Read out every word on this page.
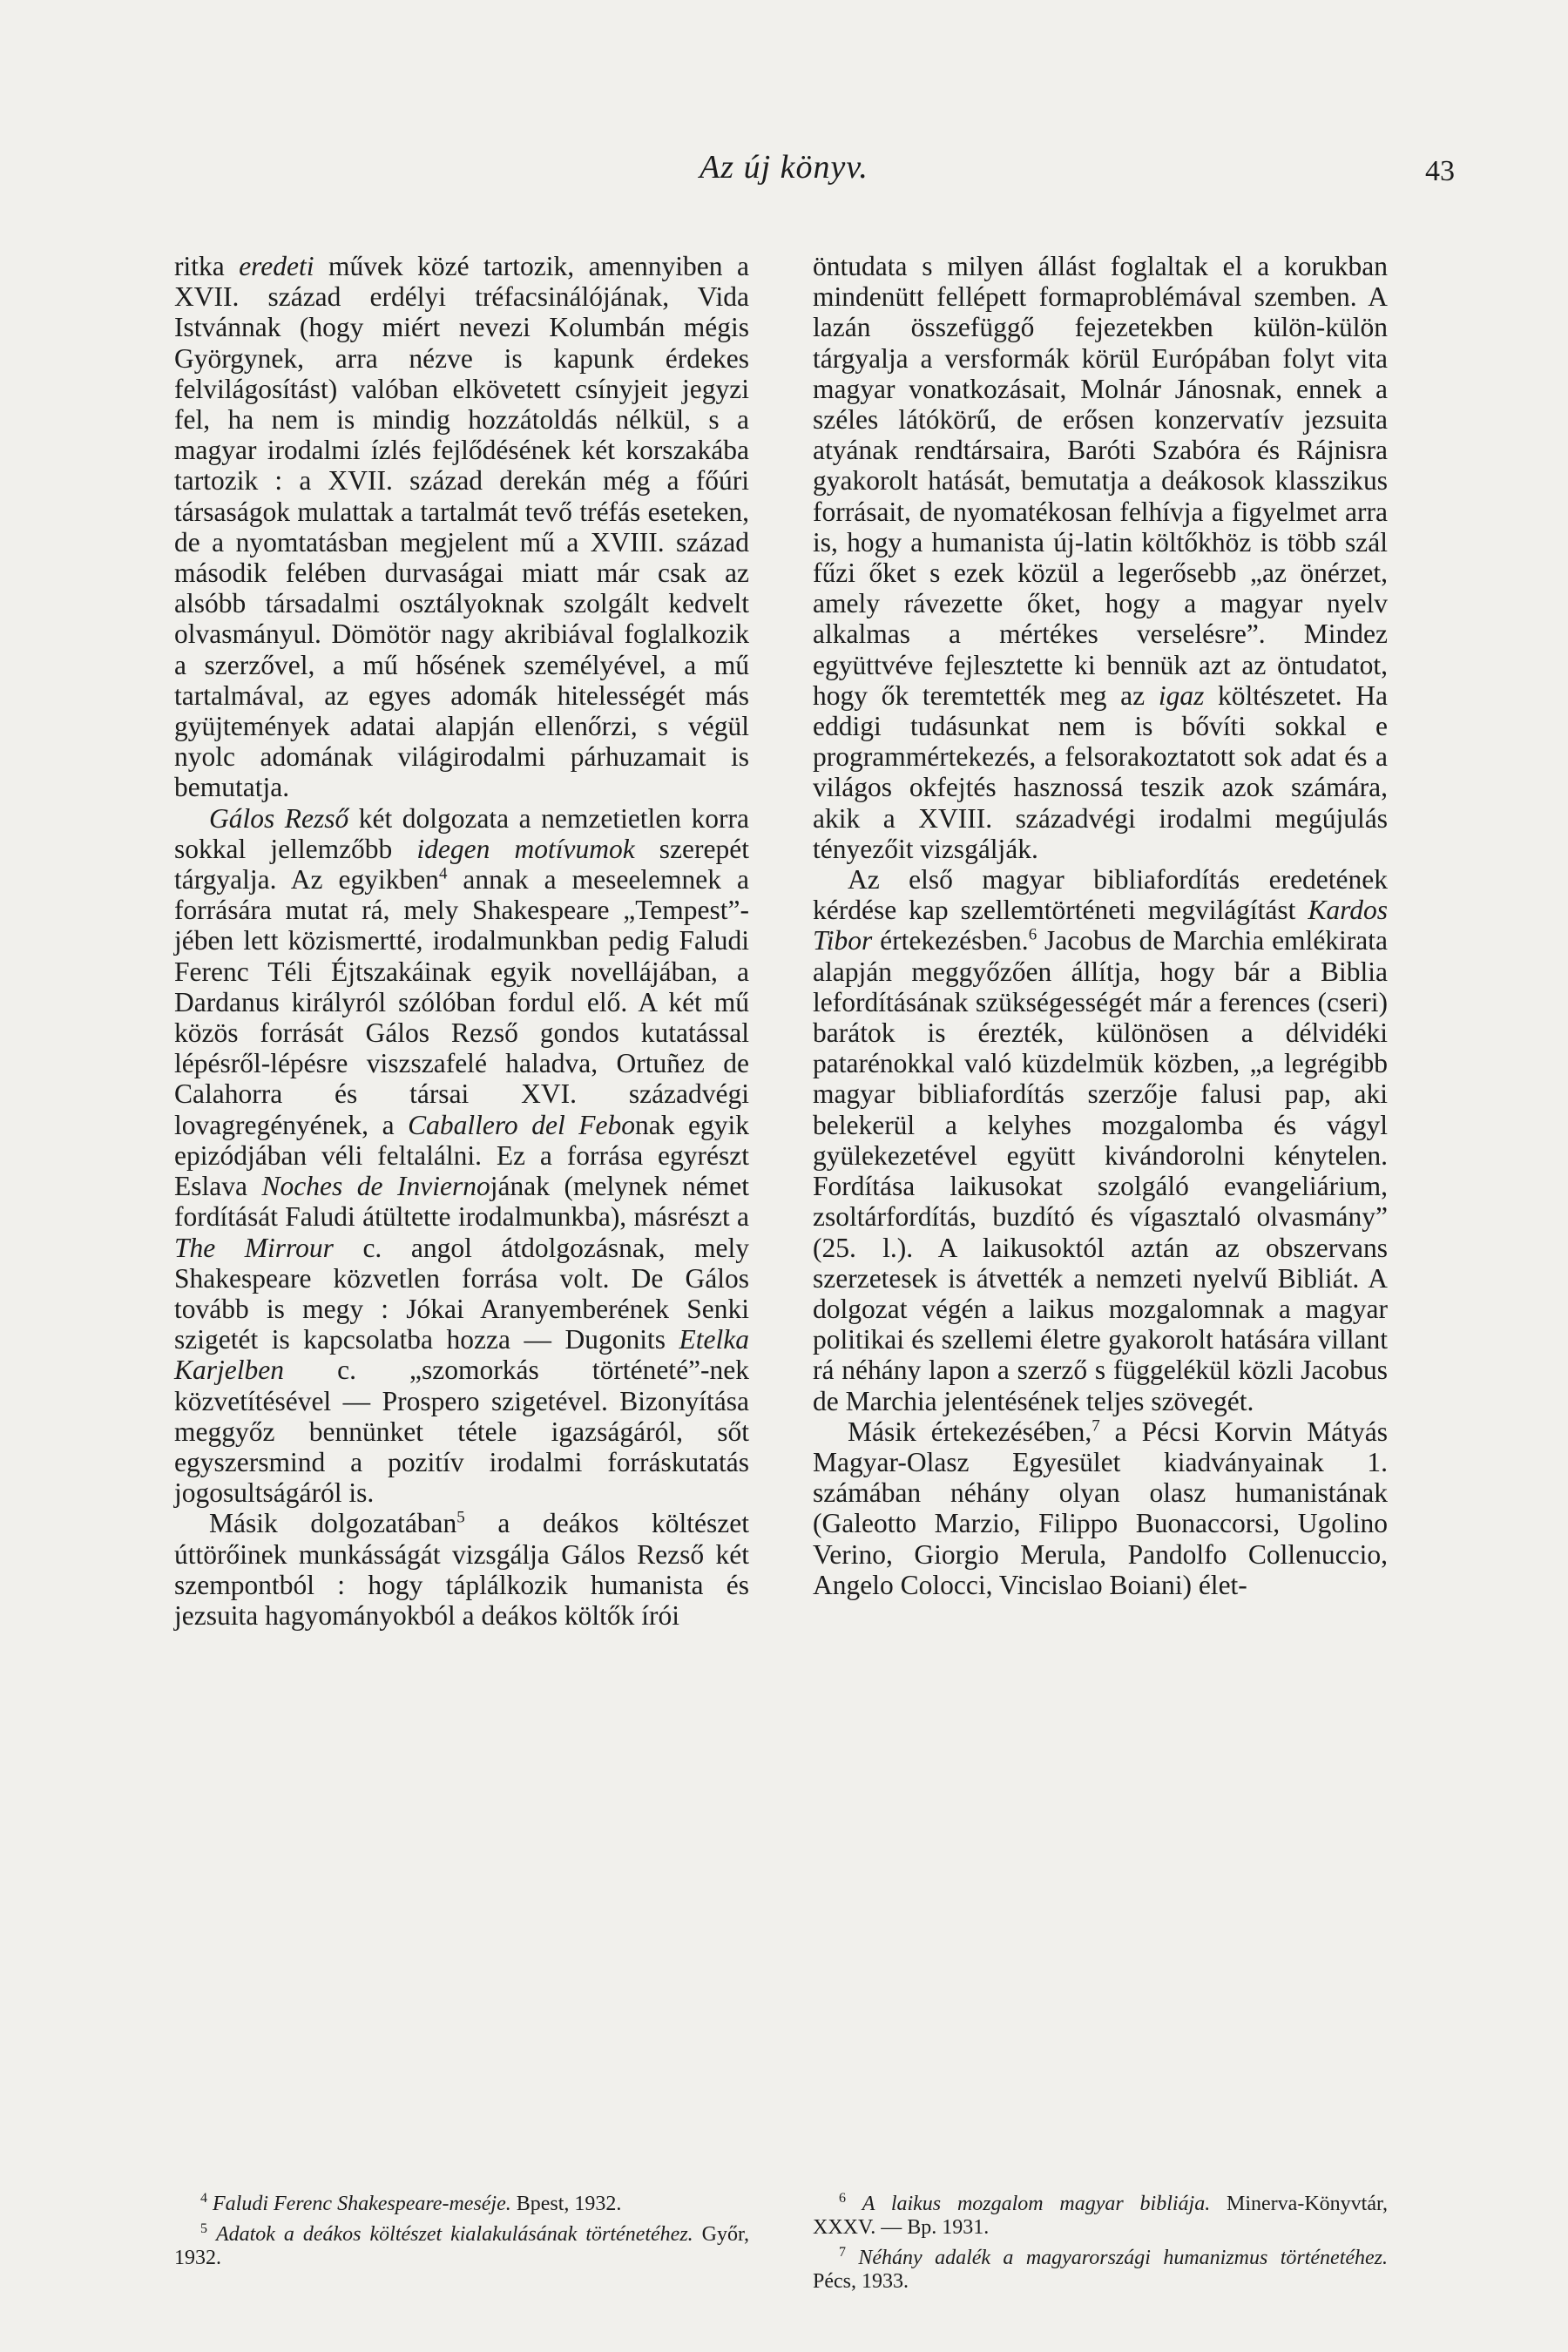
Az új könyv.	43

ritka eredeti művek közé tartozik, amennyiben a XVII. század erdélyi tréfacsinálójának, Vida Istvánnak (hogy miért nevezi Kolumbán mégis Györgynek, arra nézve is kapunk érdekes felvilágosítást) valóban elkövetett csínyjeit jegyzi fel, ha nem is mindig hozzátoldás nélkül, s a magyar irodalmi ízlés fejlődésének két korszakába tartozik : a XVII. század derekán még a főúri társaságok mulattak a tartalmát tevő tréfás eseteken, de a nyomtatásban megjelent mű a XVIII. század második felében durvaságai miatt már csak az alsóbb társadalmi osztályoknak szolgált kedvelt olvasmányul. Dömötör nagy akribiával foglalkozik a szerzővel, a mű hősének személyével, a mű tartalmával, az egyes adomák hitelességét más gyüjtemények adatai alapján ellenőrzi, s végül nyolc adomának világirodalmi párhuzamait is bemutatja.

Gálos Rezső két dolgozata a nemzetietlen korra sokkal jellemzőbb idegen motívumok szerepét tárgyalja. Az egyikben$^4$ annak a meseelemnek a forrására mutat rá, mely Shakespeare „Tempest”-jében lett közismertté, irodalmunkban pedig Faludi Ferenc Téli Éjtszakáinak egyik novellájában, a Dardanus királyról szólóban fordul elő. A két mű közös forrását Gálos Rezső gondos kutatással lépésről-lépésre viszszafelé haladva, Ortuñez de Calahorra és társai XVI. századvégi lovagregényének, a Caballero del Febonak egyik epizódjában véli feltalálni. Ez a forrása egyrészt Eslava Noches de Inviernojának (melynek német fordítását Faludi átültette irodalmunkba), másrészt a The Mirrour c. angol átdolgozásnak, mely Shakespeare közvetlen forrása volt. De Gálos tovább is megy : Jókai Aranyemberének Senki szigetét is kapcsolatba hozza — Dugonits Etelka Karjelben c. „szomorkás történeté”-nek közvetítésével — Prospero szigetével. Bizonyítása meggyőz bennünket tétele igazságáról, sőt egyszersmind a pozitív irodalmi forráskutatás jogosultságáról is.

Másik dolgozatában$^5$ a deákos költészet úttörőinek munkásságát vizsgálja Gálos Rezső két szempontból : hogy táplálkozik humanista és jezsuita hagyományokból a deákos költők írói

öntudata s milyen állást foglaltak el a korukban mindenütt fellépett formaproblémával szemben. A lazán összefüggő fejezetekben külön-külön tárgyalja a versformák körül Európában folyt vita magyar vonatkozásait, Molnár Jánosnak, ennek a széles látókörű, de erősen konzervatív jezsuita atyának rendtársaira, Baróti Szabóra és Rájnisra gyakorolt hatását, bemutatja a deákosok klasszikus forrásait, de nyomatékosan felhívja a figyelmet arra is, hogy a humanista új-latin költőkhöz is több szál fűzi őket s ezek közül a legerősebb „az önérzet, amely rávezette őket, hogy a magyar nyelv alkalmas a mértékes verselésre”. Mindez együttvéve fejlesztette ki bennük azt az öntudatot, hogy ők teremtették meg az igaz költészetet. Ha eddigi tudásunkat nem is bővíti sokkal e programmértekezés, a felsorakoztatott sok adat és a világos okfejtés hasznossá teszik azok számára, akik a XVIII. századvégi irodalmi megújulás tényezőit vizsgálják.

Az első magyar bibliafordítás eredetének kérdése kap szellemtörténeti megvilágítást Kardos Tibor értekezésben.$^6$ Jacobus de Marchia emlékirata alapján meggyőzően állítja, hogy bár a Biblia lefordításának szükségességét már a ferences (cseri) barátok is érezték, különösen a délvidéki patarénokkal való küzdelmük közben, „a legrégibb magyar bibliafordítás szerzője falusi pap, aki belekerül a kelyhes mozgalomba és vágyl gyülekezetével együtt kivándorolni kénytelen. Fordítása laikusokat szolgáló evangeliárium, zsoltárfordítás, buzdító és vígasztaló olvasmány” (25. l.). A laikusoktól aztán az obszervans szerzetesek is átvették a nemzeti nyelvű Bibliát. A dolgozat végén a laikus mozgalomnak a magyar politikai és szellemi életre gyakorolt hatására villant rá néhány lapon a szerző s függelékül közli Jacobus de Marchia jelentésének teljes szövegét.

Másik értekezésében,$^7$ a Pécsi Korvin Mátyás Magyar-Olasz Egyesület kiadványainak 1. számában néhány olyan olasz humanistának (Galeotto Marzio, Filippo Buonaccorsi, Ugolino Verino, Giorgio Merula, Pandolfo Collenuccio, Angelo Colocci, Vincislao Boiani) élet-

$^4$ Faludi Ferenc Shakespeare-meséje. Bpest, 1932.

$^5$ Adatok a deákos költészet kialakulásának történetéhez. Győr, 1932.

$^6$ A laikus mozgalom magyar bibliája. Minerva-Könyvtár, XXXV. — Bp. 1931.

$^7$ Néhány adalék a magyarországi humanizmus történetéhez. Pécs, 1933.
